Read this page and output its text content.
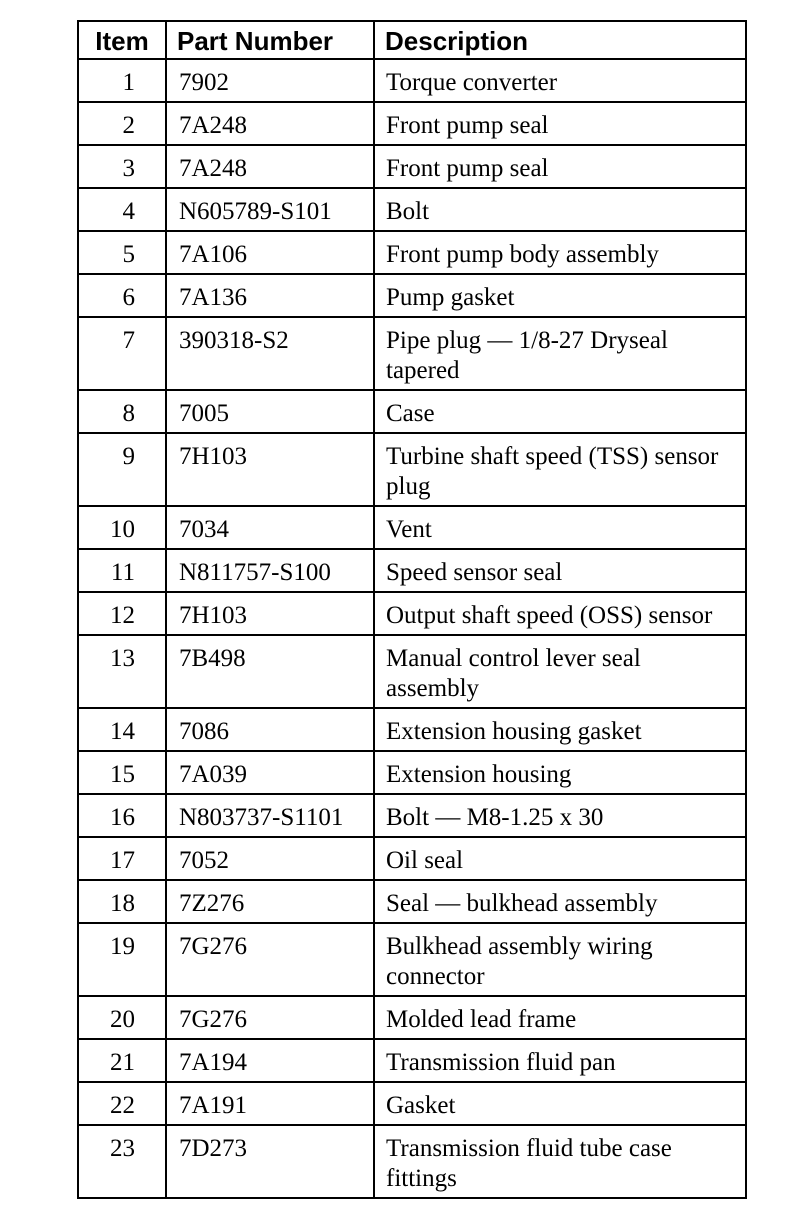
Item	Part Number	Description
1	7902	Torque converter
2	7A248	Front pump seal
3	7A248	Front pump seal
4	N605789-S101	Bolt
5	7A106	Front pump body assembly
6	7A136	Pump gasket
7	390318-S2	Pipe plug — 1/8-27 Dryseal tapered
8	7005	Case
9	7H103	Turbine shaft speed (TSS) sensor plug
10	7034	Vent
11	N811757-S100	Speed sensor seal
12	7H103	Output shaft speed (OSS) sensor
13	7B498	Manual control lever seal assembly
14	7086	Extension housing gasket
15	7A039	Extension housing
16	N803737-S1101	Bolt — M8-1.25 x 30
17	7052	Oil seal
18	7Z276	Seal — bulkhead assembly
19	7G276	Bulkhead assembly wiring connector
20	7G276	Molded lead frame
21	7A194	Transmission fluid pan
22	7A191	Gasket
23	7D273	Transmission fluid tube case fittings
